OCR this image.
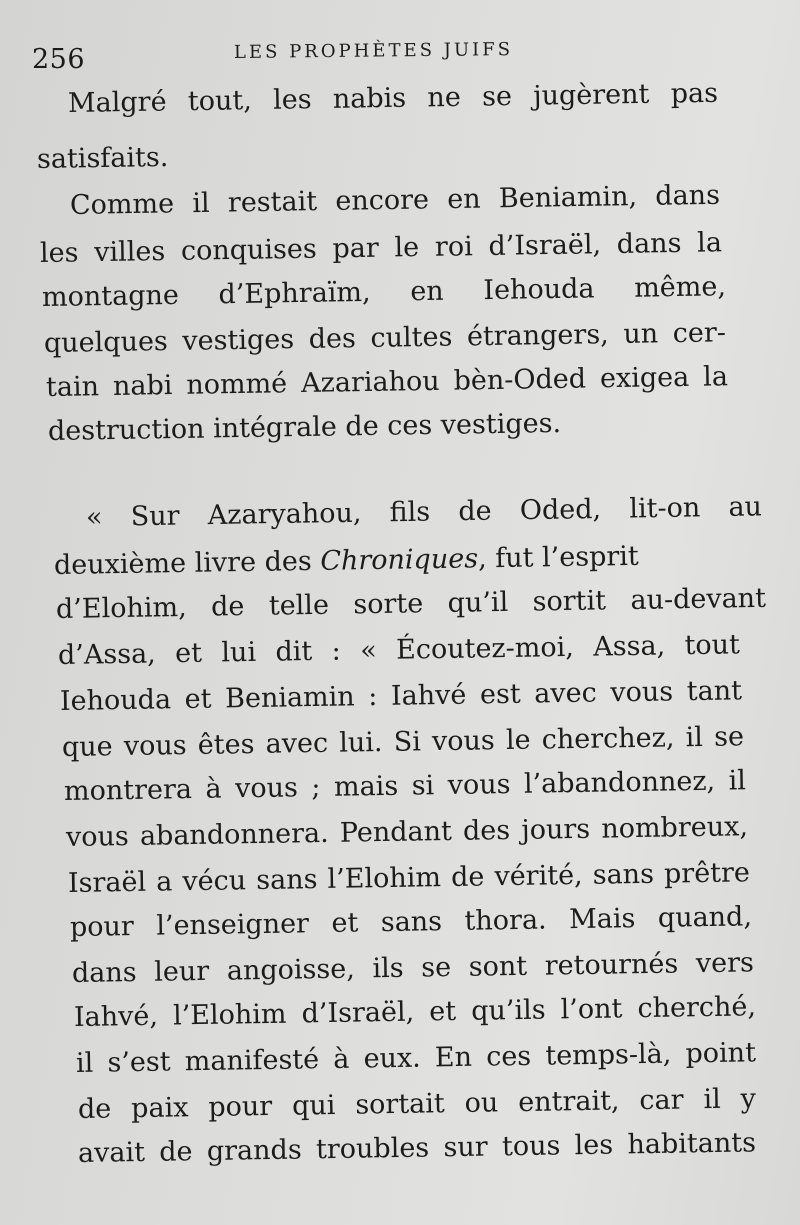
256	LES PROPHÈTES JUIFS
Malgré tout, les nabis ne se jugèrent pas
satisfaits.
Comme il restait encore en Beniamin, dans
les villes conquises par le roi d’Israël, dans la
montagne d’Ephraïm, en Iehouda même,
quelques vestiges des cultes étrangers, un cer-
tain nabi nommé Azariahou bèn-Oded exigea la
destruction intégrale de ces vestiges.
« Sur Azaryahou, fils de Oded, lit-on au
deuxième livre des Chroniques, fut l’esprit
d’Elohim, de telle sorte qu’il sortit au-devant
d’Assa, et lui dit : « Écoutez-moi, Assa, tout
Iehouda et Beniamin : Iahvé est avec vous tant
que vous êtes avec lui. Si vous le cherchez, il se
montrera à vous ; mais si vous l’abandonnez, il
vous abandonnera. Pendant des jours nombreux,
Israël a vécu sans l’Elohim de vérité, sans prêtre
pour l’enseigner et sans thora. Mais quand,
dans leur angoisse, ils se sont retournés vers
Iahvé, l’Elohim d’Israël, et qu’ils l’ont cherché,
il s’est manifesté à eux. En ces temps-là, point
de paix pour qui sortait ou entrait, car il y
avait de grands troubles sur tous les habitants
